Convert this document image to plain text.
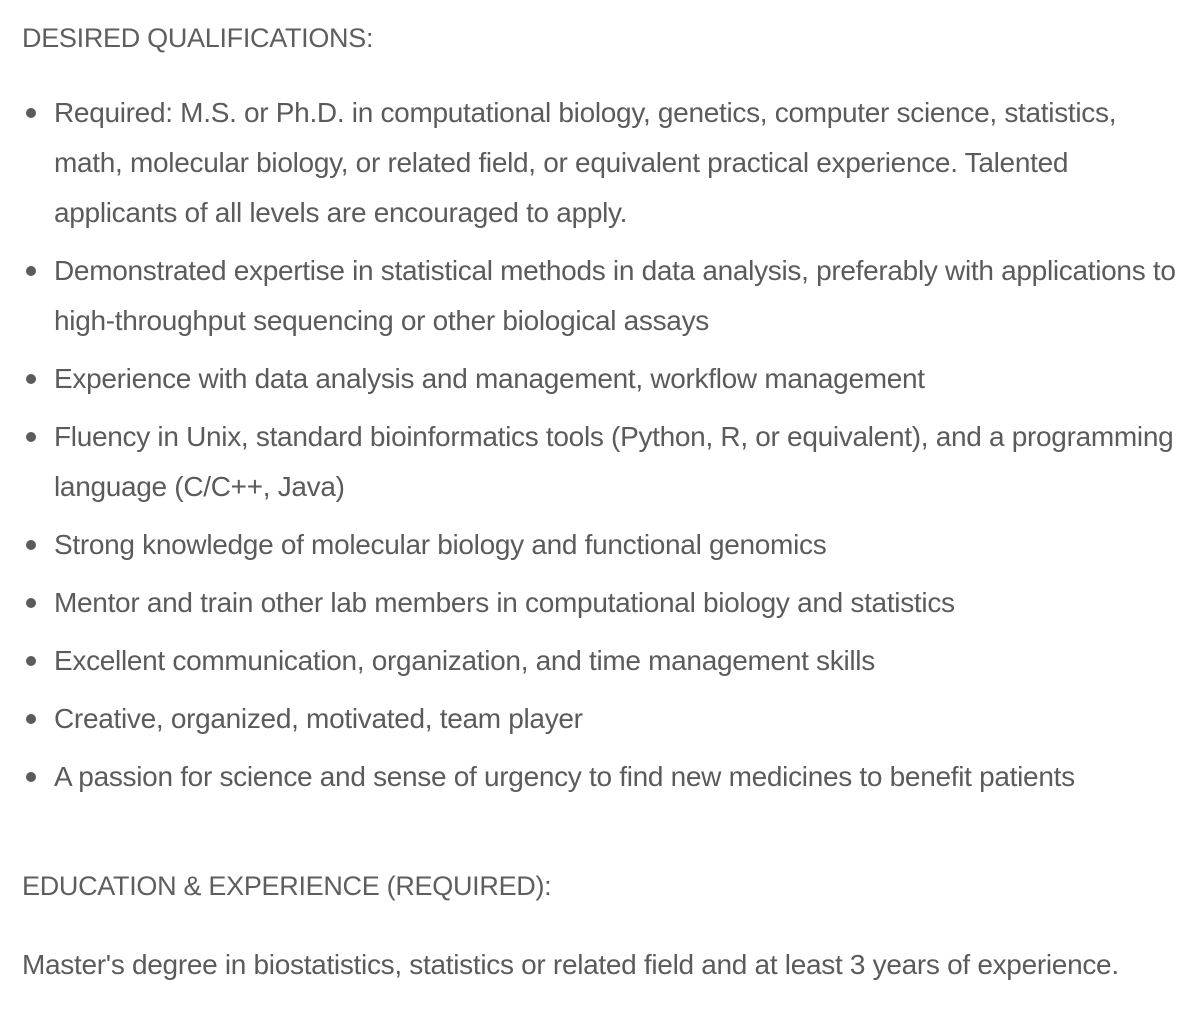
DESIRED QUALIFICATIONS:
Required: M.S. or Ph.D. in computational biology, genetics, computer science, statistics, math, molecular biology, or related field, or equivalent practical experience. Talented applicants of all levels are encouraged to apply.
Demonstrated expertise in statistical methods in data analysis, preferably with applications to high-throughput sequencing or other biological assays
Experience with data analysis and management, workflow management
Fluency in Unix, standard bioinformatics tools (Python, R, or equivalent), and a programming language (C/C++, Java)
Strong knowledge of molecular biology and functional genomics
Mentor and train other lab members in computational biology and statistics
Excellent communication, organization, and time management skills
Creative, organized, motivated, team player
A passion for science and sense of urgency to find new medicines to benefit patients
EDUCATION & EXPERIENCE (REQUIRED):

Master's degree in biostatistics, statistics or related field and at least 3 years of experience.
